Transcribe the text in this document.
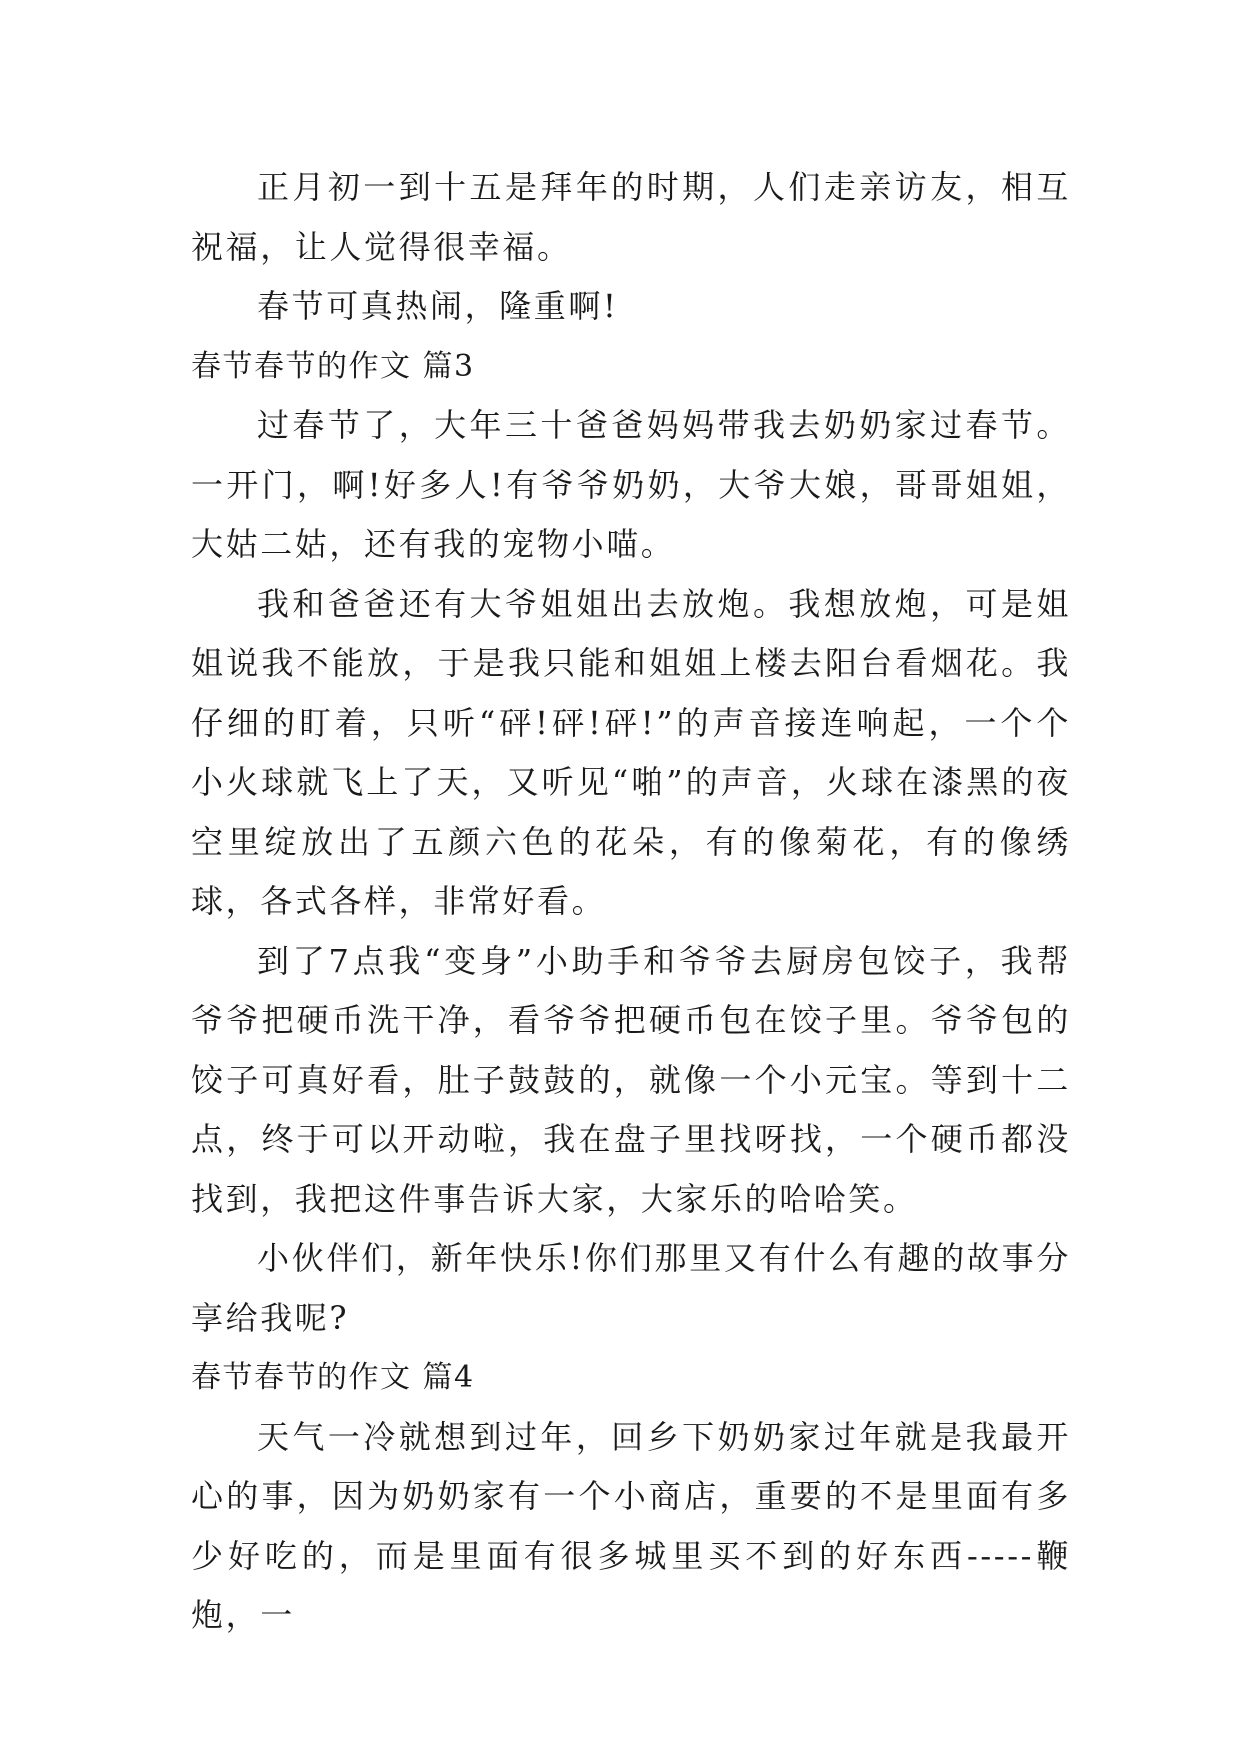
正月初一到十五是拜年的时期，人们走亲访友，相互祝福，让人觉得很幸福。

春节可真热闹，隆重啊!

春节春节的作文 篇3

过春节了，大年三十爸爸妈妈带我去奶奶家过春节。一开门，啊!好多人!有爷爷奶奶，大爷大娘，哥哥姐姐，大姑二姑，还有我的宠物小喵。

我和爸爸还有大爷姐姐出去放炮。我想放炮，可是姐姐说我不能放，于是我只能和姐姐上楼去阳台看烟花。我仔细的盯着，只听“砰!砰!砰!”的声音接连响起，一个个小火球就飞上了天，又听见“啪”的声音，火球在漆黑的夜空里绽放出了五颜六色的花朵，有的像菊花，有的像绣球，各式各样，非常好看。

到了7点我“变身”小助手和爷爷去厨房包饺子，我帮爷爷把硬币洗干净，看爷爷把硬币包在饺子里。爷爷包的饺子可真好看，肚子鼓鼓的，就像一个小元宝。等到十二点，终于可以开动啦，我在盘子里找呀找，一个硬币都没找到，我把这件事告诉大家，大家乐的哈哈笑。

小伙伴们，新年快乐!你们那里又有什么有趣的故事分享给我呢?

春节春节的作文 篇4

天气一冷就想到过年，回乡下奶奶家过年就是我最开心的事，因为奶奶家有一个小商店，重要的不是里面有多少好吃的，而是里面有很多城里买不到的好东西-----鞭炮，一
